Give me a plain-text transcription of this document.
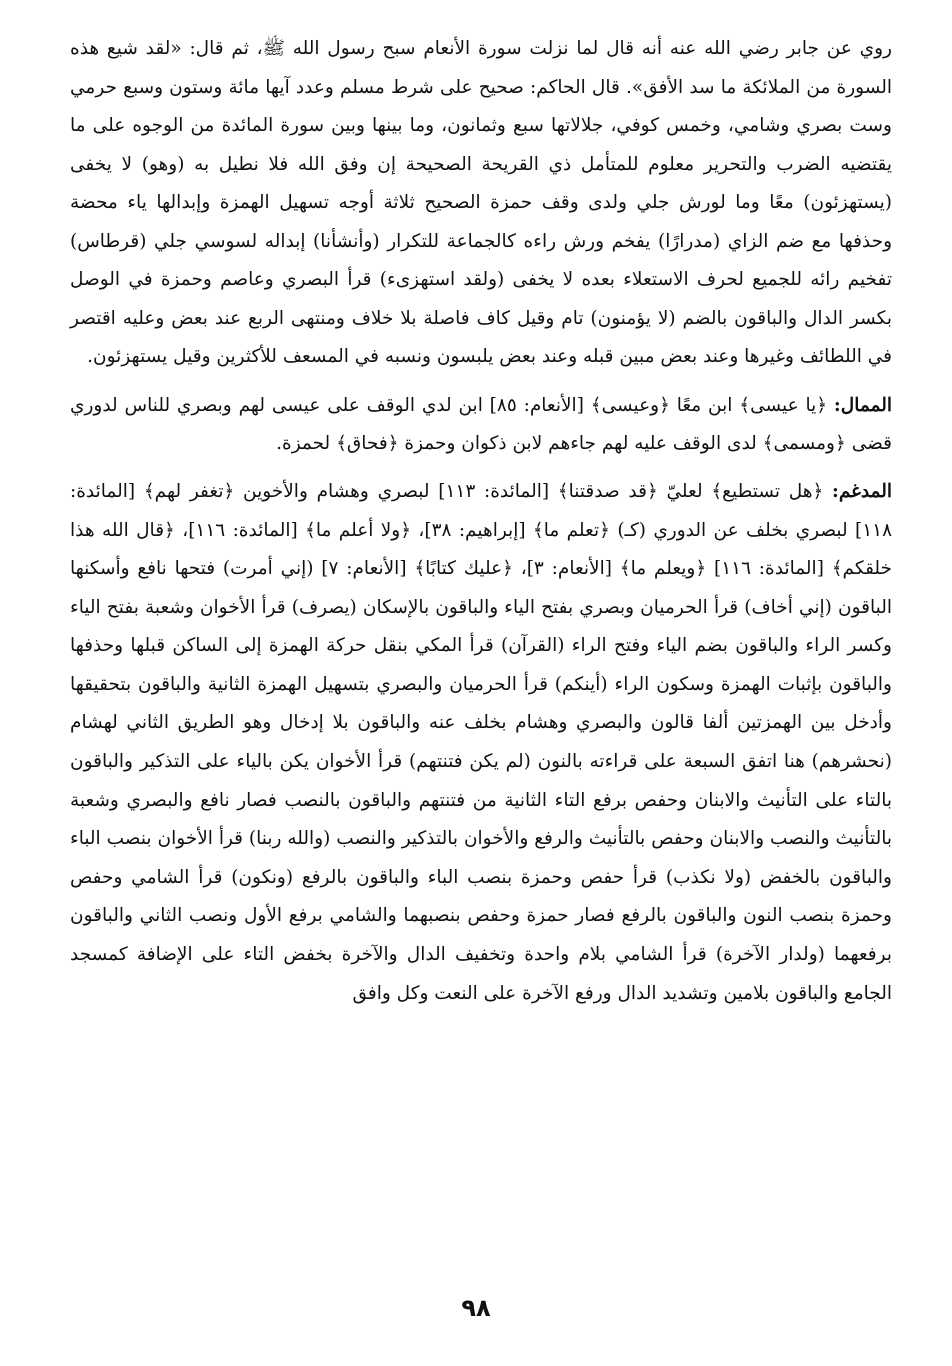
روي عن جابر رضي الله عنه أنه قال لما نزلت سورة الأنعام سبح رسول الله ﷺ، ثم قال: «لقد شيع هذه السورة من الملائكة ما سد الأفق». قال الحاكم: صحيح على شرط مسلم وعدد آيها مائة وستون وسبع حرمي وست بصري وشامي، وخمس كوفي، جلالاتها سبع وثمانون، وما بينها وبين سورة المائدة من الوجوه على ما يقتضيه الضرب والتحرير معلوم للمتأمل ذي القريحة الصحيحة إن وفق الله فلا نطيل به (وهو) لا يخفى (يستهزئون) معًا وما لورش جلي ولدى وقف حمزة الصحيح ثلاثة أوجه تسهيل الهمزة وإبدالها ياء محضة وحذفها مع ضم الزاي (مدرارًا) يفخم ورش راءه كالجماعة للتكرار (وأنشأنا) إبداله لسوسي جلي (قرطاس) تفخيم رائه للجميع لحرف الاستعلاء بعده لا يخفى (ولقد استهزىء) قرأ البصري وعاصم وحمزة في الوصل بكسر الدال والباقون بالضم (لا يؤمنون) تام وقيل كاف فاصلة بلا خلاف ومنتهى الربع عند بعض وعليه اقتصر في اللطائف وغيرها وعند بعض مبين قبله وعند بعض يلبسون ونسبه في المسعف للأكثرين وقيل يستهزئون.

الممال: ﴿يا عيسى﴾ ابن معًا ﴿وعيسى﴾ [الأنعام: ٨٥] ابن لدي الوقف على عيسى لهم وبصري للناس لدوري قضى ﴿ومسمى﴾ لدى الوقف عليه لهم جاءهم لابن ذكوان وحمزة ﴿فحاق﴾ لحمزة.

المدغم: ﴿هل تستطيع﴾ لعليّ ﴿قد صدقتنا﴾ [المائدة: ١١٣] لبصري وهشام والأخوين ﴿تغفر لهم﴾ [المائدة: ١١٨] لبصري بخلف عن الدوري (كـ) ﴿تعلم ما﴾ [إبراهيم: ٣٨]، ﴿ولا أعلم ما﴾ [المائدة: ١١٦]، ﴿قال الله هذا خلقكم﴾ [المائدة: ١١٦] ﴿ويعلم ما﴾ [الأنعام: ٣]، ﴿عليك كتابًا﴾ [الأنعام: ٧] (إني أمرت) فتحها نافع وأسكنها الباقون (إني أخاف) قرأ الحرميان وبصري بفتح الياء والباقون بالإسكان (يصرف) قرأ الأخوان وشعبة بفتح الياء وكسر الراء والباقون بضم الياء وفتح الراء (القرآن) قرأ المكي بنقل حركة الهمزة إلى الساكن قبلها وحذفها والباقون بإثبات الهمزة وسكون الراء (أينكم) قرأ الحرميان والبصري بتسهيل الهمزة الثانية والباقون بتحقيقها وأدخل بين الهمزتين ألفا قالون والبصري وهشام بخلف عنه والباقون بلا إدخال وهو الطريق الثاني لهشام (نحشرهم) هنا اتفق السبعة على قراءته بالنون (لم يكن فتنتهم) قرأ الأخوان يكن بالياء على التذكير والباقون بالتاء على التأنيث والابنان وحفص برفع التاء الثانية من فتنتهم والباقون بالنصب فصار نافع والبصري وشعبة بالتأنيث والنصب والابنان وحفص بالتأنيث والرفع والأخوان بالتذكير والنصب (والله ربنا) قرأ الأخوان بنصب الباء والباقون بالخفض (ولا نكذب) قرأ حفص وحمزة بنصب الباء والباقون بالرفع (ونكون) قرأ الشامي وحفص وحمزة بنصب النون والباقون بالرفع فصار حمزة وحفص بنصبهما والشامي برفع الأول ونصب الثاني والباقون برفعهما (ولدار الآخرة) قرأ الشامي بلام واحدة وتخفيف الدال والآخرة بخفض التاء على الإضافة كمسجد الجامع والباقون بلامين وتشديد الدال ورفع الآخرة على النعت وكل وافق

٩٨
